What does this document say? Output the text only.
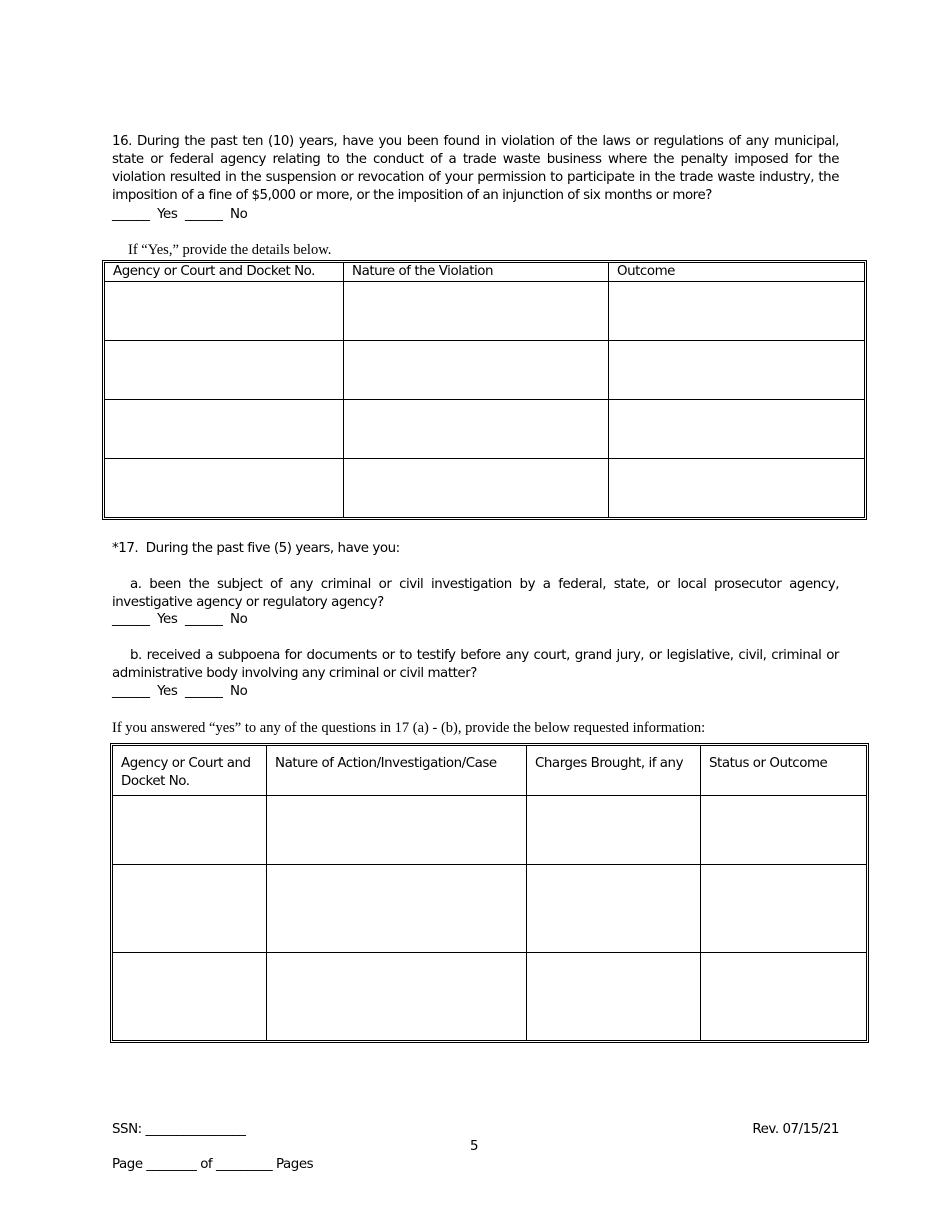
16. During the past ten (10) years, have you been found in violation of the laws or regulations of any municipal, state or federal agency relating to the conduct of a trade waste business where the penalty imposed for the violation resulted in the suspension or revocation of your permission to participate in the trade waste industry, the imposition of a fine of $5,000 or more, or the imposition of an injunction of six months or more?
______  Yes  ______  No
If “Yes,” provide the details below.
Agency or Court and Docket No.	Nature of the Violation	Outcome

*17.  During the past five (5) years, have you:
a. been the subject of any criminal or civil investigation by a federal, state, or local prosecutor agency, investigative agency or regulatory agency?
______  Yes  ______  No
b. received a subpoena for documents or to testify before any court, grand jury, or legislative, civil, criminal or administrative body involving any criminal or civil matter?
______  Yes  ______  No
If you answered “yes” to any of the questions in 17 (a) - (b), provide the below requested information:
Agency or Court and Docket No.	Nature of Action/Investigation/Case	Charges Brought, if any	Status or Outcome

SSN: ________________	Rev. 07/15/21
5
Page ________ of _________ Pages
